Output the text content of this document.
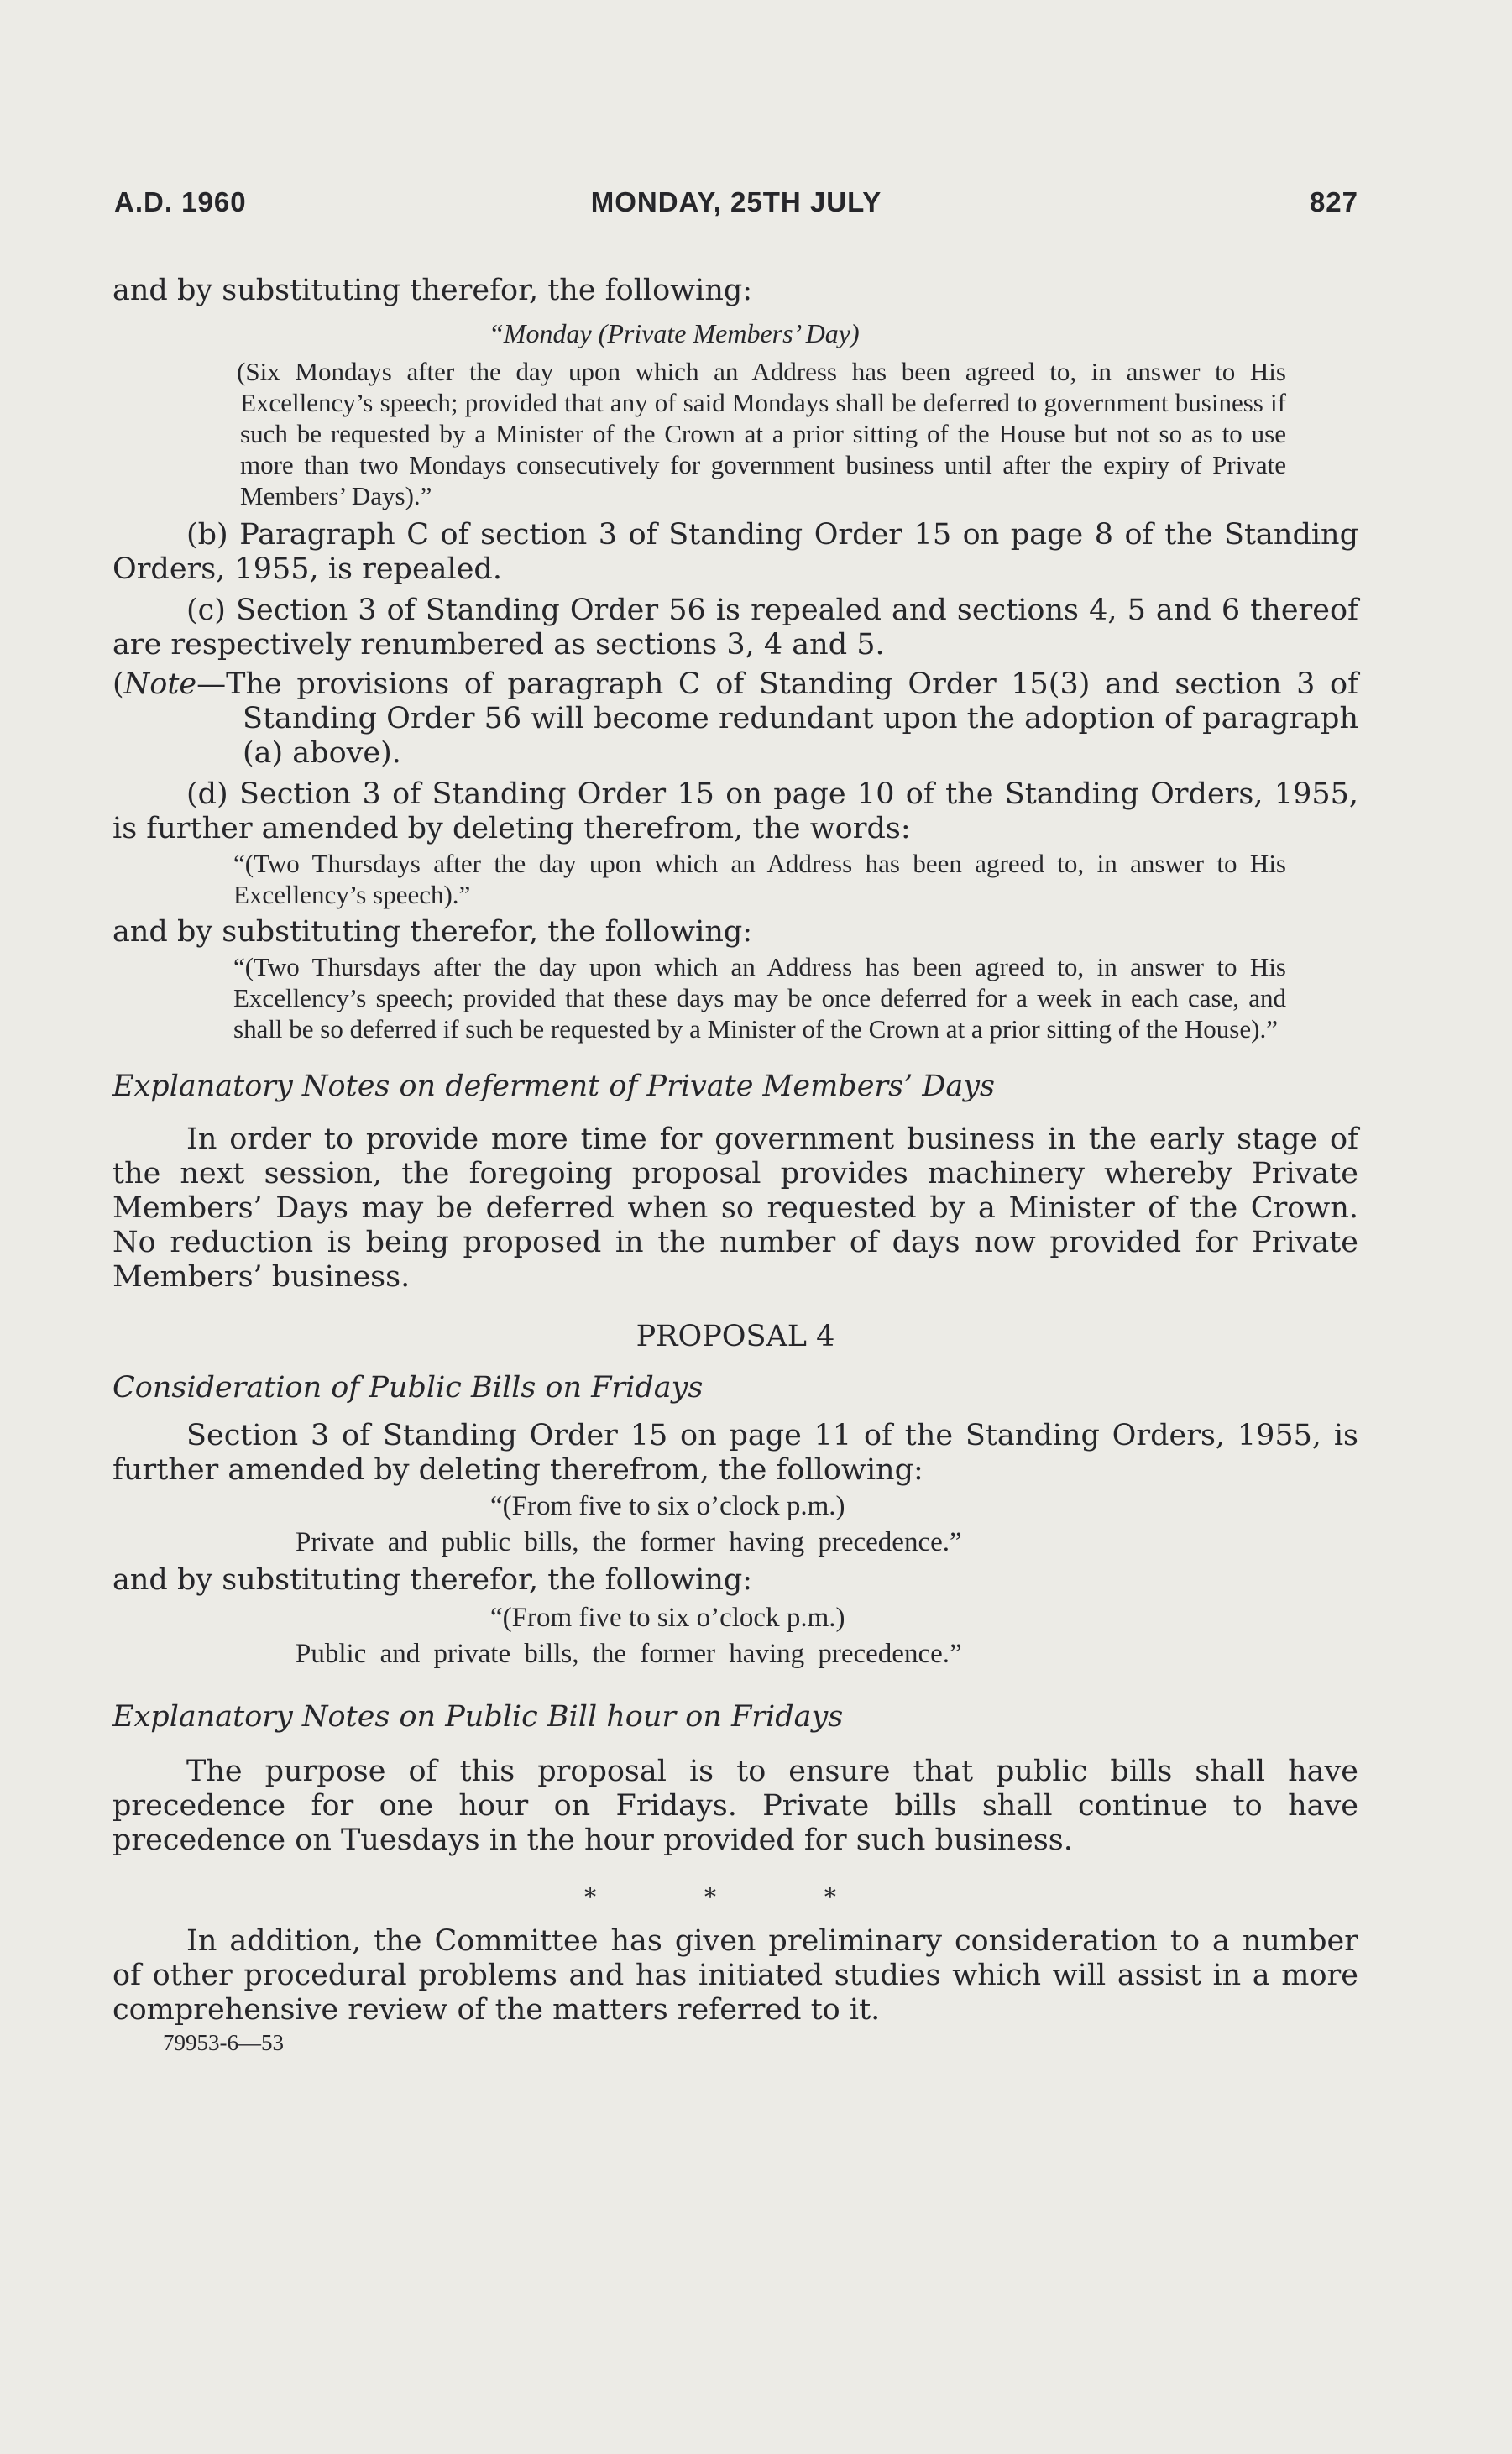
A.D. 1960	MONDAY, 25TH JULY	827

and by substituting therefor, the following:

“Monday (Private Members’ Day)

(Six Mondays after the day upon which an Address has been agreed to, in answer to His Excellency’s speech; provided that any of said Mondays shall be deferred to government business if such be requested by a Minister of the Crown at a prior sitting of the House but not so as to use more than two Mondays consecutively for government business until after the expiry of Private Members’ Days).”

(b) Paragraph C of section 3 of Standing Order 15 on page 8 of the Standing Orders, 1955, is repealed.

(c) Section 3 of Standing Order 56 is repealed and sections 4, 5 and 6 thereof are respectively renumbered as sections 3, 4 and 5.

(Note—The provisions of paragraph C of Standing Order 15(3) and section 3 of Standing Order 56 will become redundant upon the adoption of paragraph (a) above).

(d) Section 3 of Standing Order 15 on page 10 of the Standing Orders, 1955, is further amended by deleting therefrom, the words:

“(Two Thursdays after the day upon which an Address has been agreed to, in answer to His Excellency’s speech).”

and by substituting therefor, the following:

“(Two Thursdays after the day upon which an Address has been agreed to, in answer to His Excellency’s speech; provided that these days may be once deferred for a week in each case, and shall be so deferred if such be requested by a Minister of the Crown at a prior sitting of the House).”

Explanatory Notes on deferment of Private Members’ Days

In order to provide more time for government business in the early stage of the next session, the foregoing proposal provides machinery whereby Private Members’ Days may be deferred when so requested by a Minister of the Crown. No reduction is being proposed in the number of days now provided for Private Members’ business.

PROPOSAL 4

Consideration of Public Bills on Fridays

Section 3 of Standing Order 15 on page 11 of the Standing Orders, 1955, is further amended by deleting therefrom, the following:

“(From five to six o’clock p.m.)

Private and public bills, the former having precedence.”

and by substituting therefor, the following:

“(From five to six o’clock p.m.)

Public and private bills, the former having precedence.”

Explanatory Notes on Public Bill hour on Fridays

The purpose of this proposal is to ensure that public bills shall have precedence for one hour on Fridays. Private bills shall continue to have precedence on Tuesdays in the hour provided for such business.

* * *

In addition, the Committee has given preliminary consideration to a number of other procedural problems and has initiated studies which will assist in a more comprehensive review of the matters referred to it.

79953-6—53
